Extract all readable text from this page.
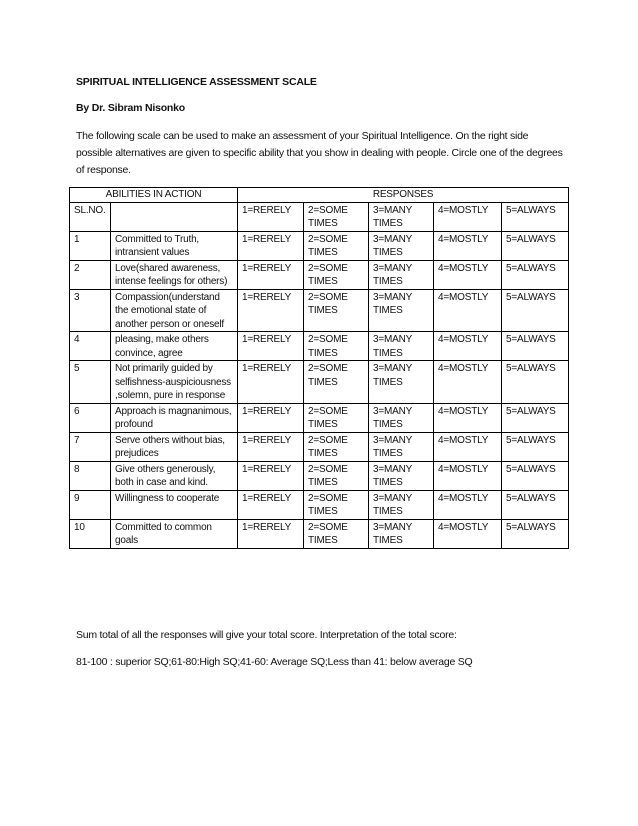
SPIRITUAL INTELLIGENCE ASSESSMENT SCALE
By Dr. Sibram Nisonko
The following scale can be used to make an assessment of your Spiritual Intelligence. On the right side possible alternatives are given to specific ability that you show in dealing with people. Circle one of the degrees of response.
ABILITIES IN ACTION		RESPONSES				
SL.NO.		1=RERELY	2=SOME TIMES	3=MANY TIMES	4=MOSTLY	5=ALWAYS
1	Committed to Truth, intransient values	1=RERELY	2=SOME TIMES	3=MANY TIMES	4=MOSTLY	5=ALWAYS
2	Love(shared awareness, intense feelings for others)	1=RERELY	2=SOME TIMES	3=MANY TIMES	4=MOSTLY	5=ALWAYS
3	Compassion(understand the emotional state of another person or oneself	1=RERELY	2=SOME TIMES	3=MANY TIMES	4=MOSTLY	5=ALWAYS
4	pleasing, make others convince, agree	1=RERELY	2=SOME TIMES	3=MANY TIMES	4=MOSTLY	5=ALWAYS
5	Not primarily guided by selfishness-auspiciousness ,solemn, pure in response	1=RERELY	2=SOME TIMES	3=MANY TIMES	4=MOSTLY	5=ALWAYS
6	Approach is magnanimous, profound	1=RERELY	2=SOME TIMES	3=MANY TIMES	4=MOSTLY	5=ALWAYS
7	Serve others without bias, prejudices	1=RERELY	2=SOME TIMES	3=MANY TIMES	4=MOSTLY	5=ALWAYS
8	Give others generously, both in case and kind.	1=RERELY	2=SOME TIMES	3=MANY TIMES	4=MOSTLY	5=ALWAYS
9	Willingness to cooperate	1=RERELY	2=SOME TIMES	3=MANY TIMES	4=MOSTLY	5=ALWAYS
10	Committed to common goals	1=RERELY	2=SOME TIMES	3=MANY TIMES	4=MOSTLY	5=ALWAYS
Sum total of all the responses will give your total score. Interpretation of the total score:
81-100 : superior SQ;61-80:High SQ;41-60: Average SQ;Less than 41: below average SQ
